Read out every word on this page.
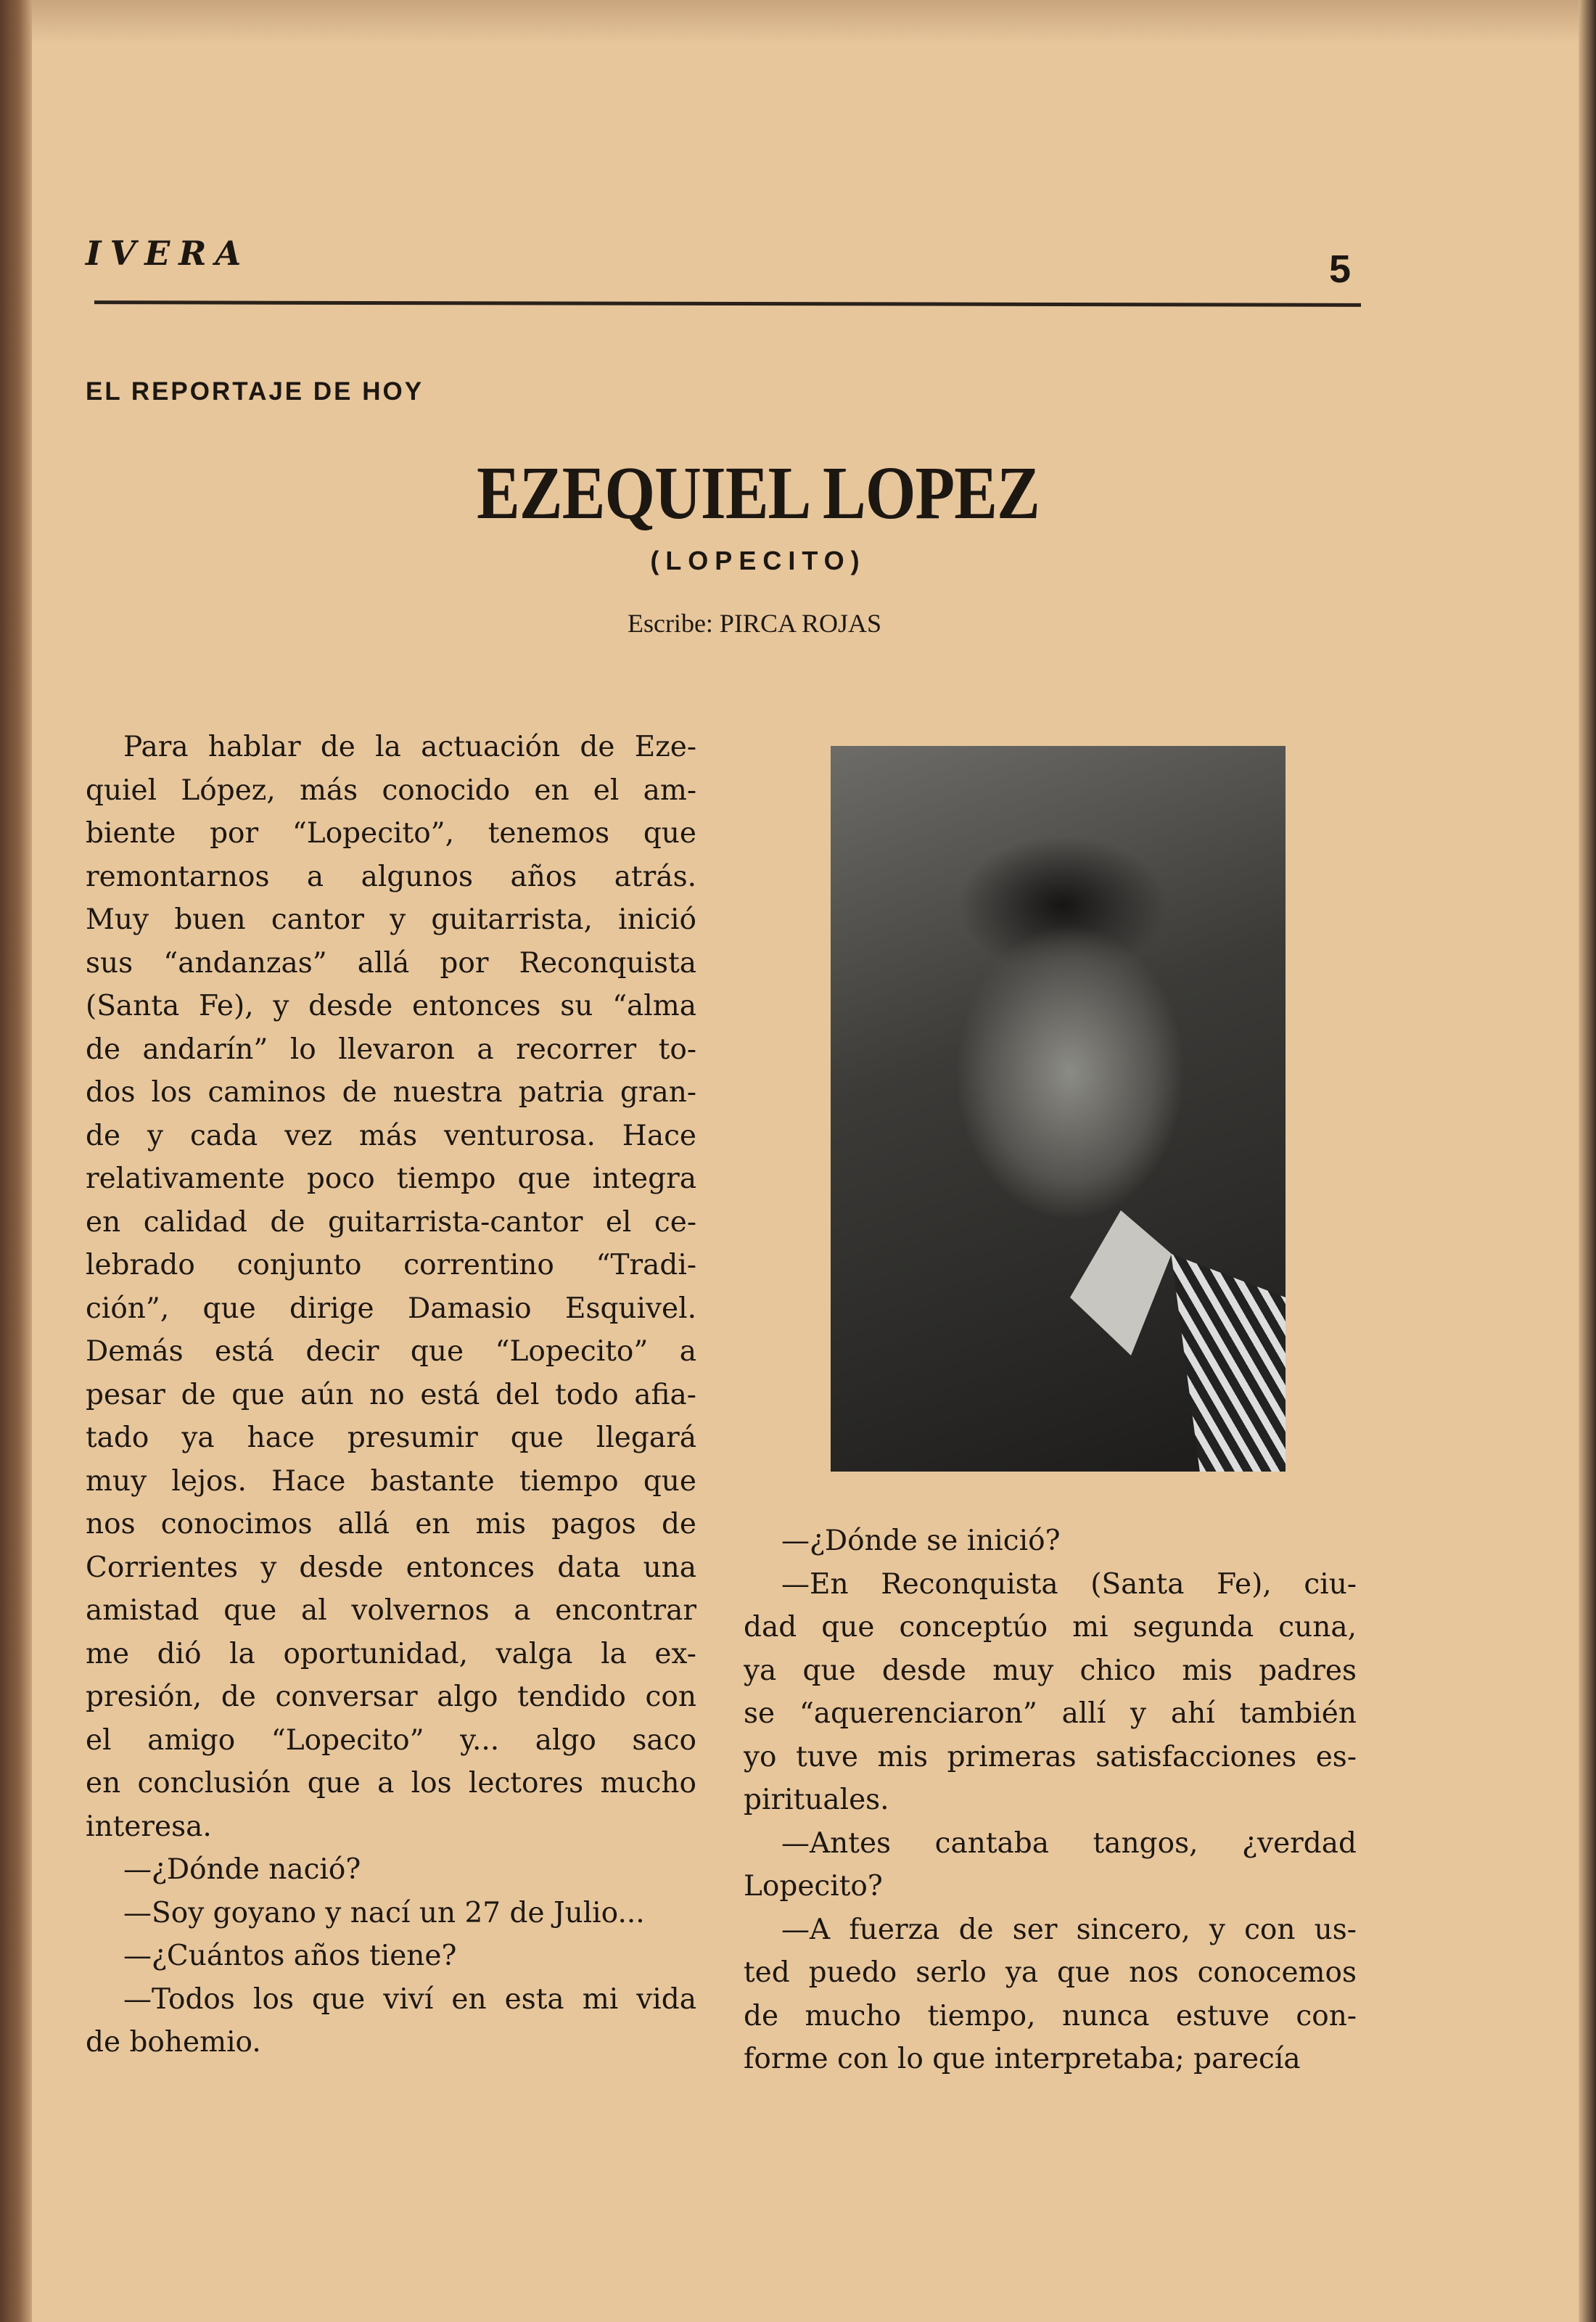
IVERA	5
EL REPORTAJE DE HOY
EZEQUIEL LOPEZ
(LOPECITO)
Escribe: PIRCA ROJAS
Para hablar de la actuación de Eze-
quiel López, más conocido en el am-
biente por “Lopecito”, tenemos que
remontarnos a algunos años atrás.
Muy buen cantor y guitarrista, inició
sus “andanzas” allá por Reconquista
(Santa Fe), y desde entonces su “alma
de andarín” lo llevaron a recorrer to-
dos los caminos de nuestra patria gran-
de y cada vez más venturosa. Hace
relativamente poco tiempo que integra
en calidad de guitarrista-cantor el ce-
lebrado conjunto correntino “Tradi-
ción”, que dirige Damasio Esquivel.
Demás está decir que “Lopecito” a
pesar de que aún no está del todo afia-
tado ya hace presumir que llegará
muy lejos. Hace bastante tiempo que
nos conocimos allá en mis pagos de
Corrientes y desde entonces data una
amistad que al volvernos a encontrar
me dió la oportunidad, valga la ex-
presión, de conversar algo tendido con
el amigo “Lopecito” y... algo saco
en conclusión que a los lectores mucho
interesa.
—¿Dónde nació?
—Soy goyano y nací un 27 de Julio...
—¿Cuántos años tiene?
—Todos los que viví en esta mi vida
de bohemio.
—¿Dónde se inició?
—En Reconquista (Santa Fe), ciu-
dad que conceptúo mi segunda cuna,
ya que desde muy chico mis padres
se “aquerenciaron” allí y ahí también
yo tuve mis primeras satisfacciones es-
pirituales.
—Antes cantaba tangos, ¿verdad
Lopecito?
—A fuerza de ser sincero, y con us-
ted puedo serlo ya que nos conocemos
de mucho tiempo, nunca estuve con-
forme con lo que interpretaba; parecía
